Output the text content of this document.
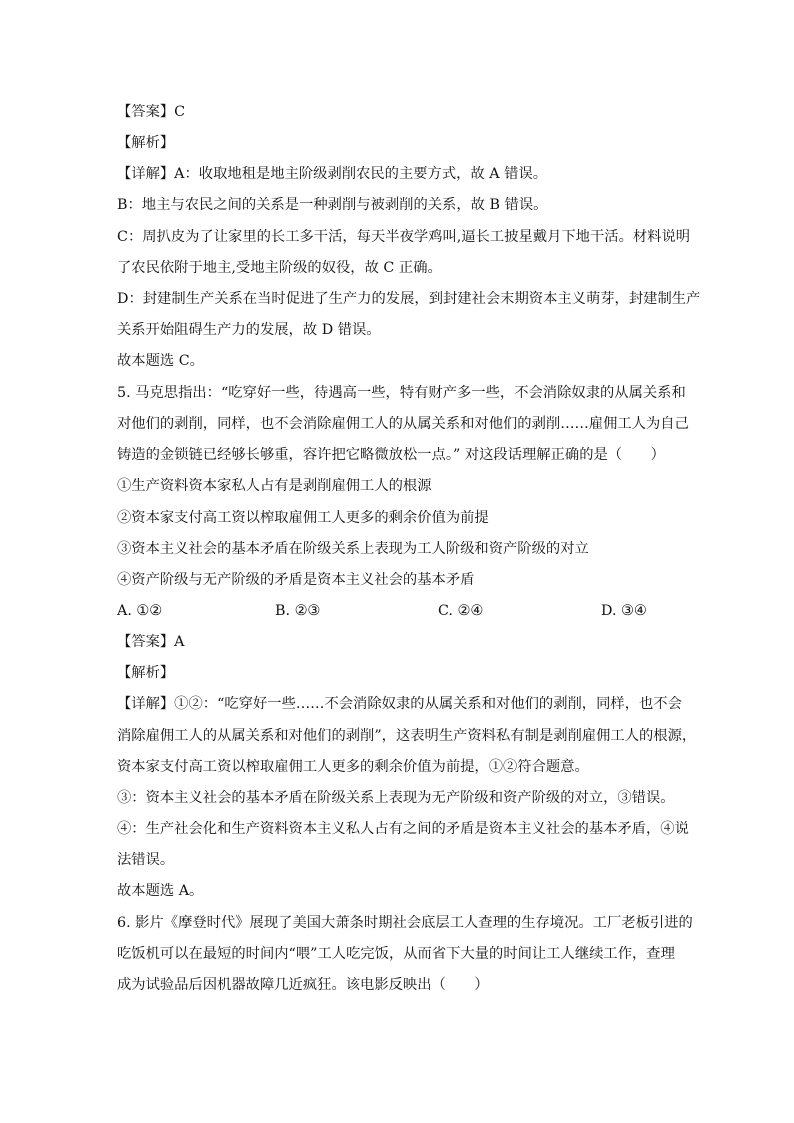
【答案】C
【解析】
【详解】A：收取地租是地主阶级剥削农民的主要方式，故 A 错误。
B：地主与农民之间的关系是一种剥削与被剥削的关系，故 B 错误。
C：周扒皮为了让家里的长工多干活，每天半夜学鸡叫,逼长工披星戴月下地干活。材料说明
了农民依附于地主,受地主阶级的奴役，故 C 正确。
D：封建制生产关系在当时促进了生产力的发展，到封建社会末期资本主义萌芽，封建制生产
关系开始阻碍生产力的发展，故 D 错误。
故本题选 C。
5. 马克思指出：“吃穿好一些，待遇高一些，特有财产多一些，不会消除奴隶的从属关系和
对他们的剥削，同样，也不会消除雇佣工人的从属关系和对他们的剥削……雇佣工人为自己
铸造的金锁链已经够长够重，容许把它略微放松一点。” 对这段话理解正确的是（　　）
①生产资料资本家私人占有是剥削雇佣工人的根源
②资本家支付高工资以榨取雇佣工人更多的剩余价值为前提
③资本主义社会的基本矛盾在阶级关系上表现为工人阶级和资产阶级的对立
④资产阶级与无产阶级的矛盾是资本主义社会的基本矛盾
A. ①②	B. ②③	C. ②④	D. ③④
【答案】A
【解析】
【详解】①②：“吃穿好一些……不会消除奴隶的从属关系和对他们的剥削，同样，也不会
消除雇佣工人的从属关系和对他们的剥削”，这表明生产资料私有制是剥削雇佣工人的根源，
资本家支付高工资以榨取雇佣工人更多的剩余价值为前提，①②符合题意。
③：资本主义社会的基本矛盾在阶级关系上表现为无产阶级和资产阶级的对立，③错误。
④：生产社会化和生产资料资本主义私人占有之间的矛盾是资本主义社会的基本矛盾，④说
法错误。
故本题选 A。
6. 影片《摩登时代》展现了美国大萧条时期社会底层工人查理的生存境况。工厂老板引进的
吃饭机可以在最短的时间内“喂”工人吃完饭，从而省下大量的时间让工人继续工作，查理
成为试验品后因机器故障几近疯狂。该电影反映出（　　）
